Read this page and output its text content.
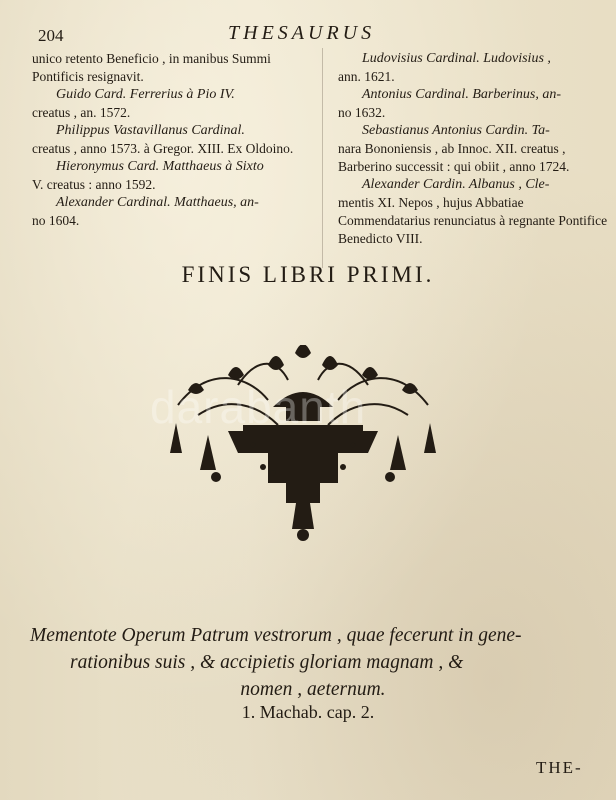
204	THESAURUS

unico retento Beneficio , in manibus Summi Pontificis resignavit.

Guido Card. Ferrerius à Pio IV.
creatus , an. 1572.

Philippus Vastavillanus Cardinal.
creatus , anno 1573. à Gregor. XIII. Ex Oldoino.

Hieronymus Card. Matthaeus à Sixto
V. creatus : anno 1592.

Alexander Cardinal. Matthaeus, an-
no 1604.

Ludovisius Cardinal. Ludovisius ,
ann. 1621.

Antonius Cardinal. Barberinus, an-
no 1632.

Sebastianus Antonius Cardin. Ta-
nara Bononiensis , ab Innoc. XII. creatus , Barberino successit : qui obiit , anno 1724.

Alexander Cardin. Albanus , Cle-
mentis XI. Nepos , hujus Abbatiae Commendatarius renunciatus à regnante Pontifice Benedicto VIII.

FINIS LIBRI PRIMI.
darabanth
Mementote Operum Patrum vestrorum , quae fecerunt in gene-
rationibus suis , & accipietis gloriam magnam , &
nomen , aeternum.
1. Machab. cap. 2.
THE-
